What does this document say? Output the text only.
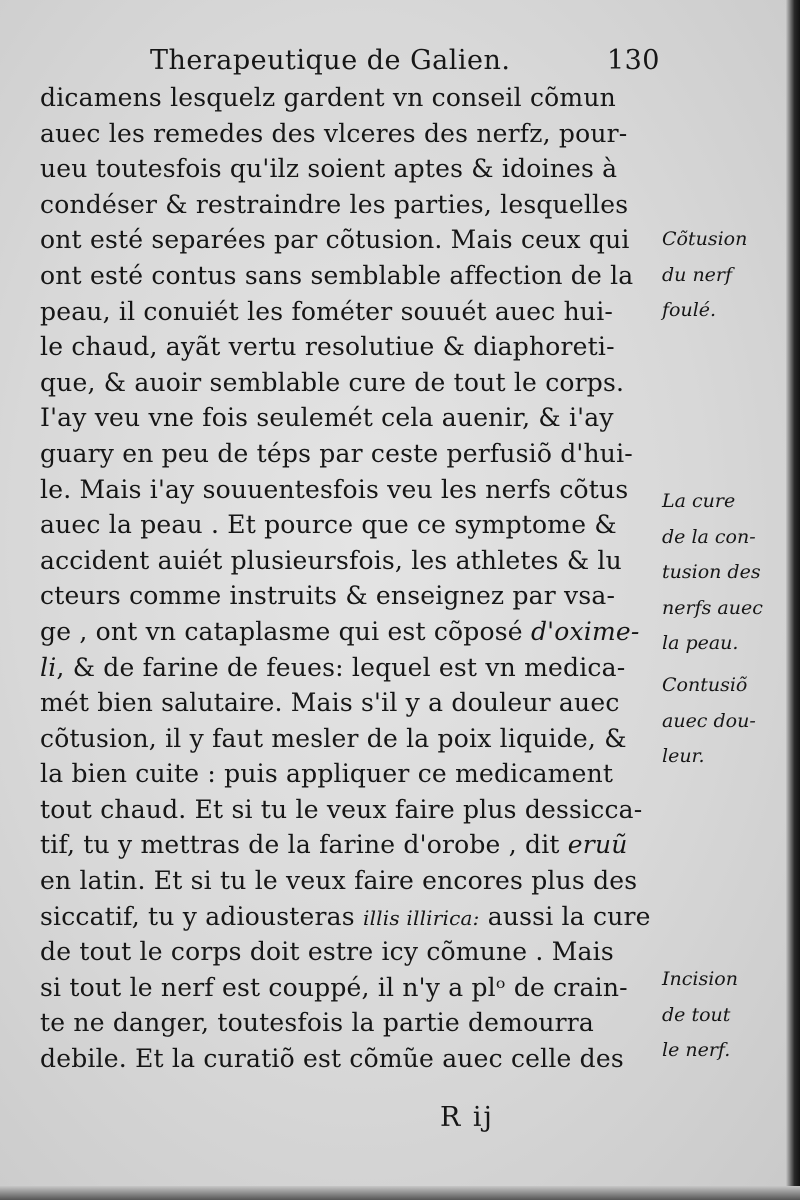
Therapeutique de Galien.	130
dicamens lesquelz gardent vn conseil cõmun
auec les remedes des vlceres des nerfz, pour-
ueu toutesfois qu'ilz soient aptes & idoines à
condéser & restraindre les parties, lesquelles
ont esté separées par cõtusion. Mais ceux qui
ont esté contus sans semblable affection de la
peau, il conuiét les fométer souuét auec hui-
le chaud, ayãt vertu resolutiue & diaphoreti-
que, & auoir semblable cure de tout le corps.
I'ay veu vne fois seulemét cela auenir, & i'ay
guary en peu de téps par ceste perfusiõ d'hui-
le. Mais i'ay souuentesfois veu les nerfs cõtus
auec la peau . Et pource que ce symptome &
accident auiét plusieursfois, les athletes & lu
cteurs comme instruits & enseignez par vsa-
ge , ont vn cataplasme qui est cõposé d'oxime-
li, & de farine de feues: lequel est vn medica-
mét bien salutaire. Mais s'il y a douleur auec
cõtusion, il y faut mesler de la poix liquide, &
la bien cuite : puis appliquer ce medicament
tout chaud. Et si tu le veux faire plus dessicca-
tif, tu y mettras de la farine d'orobe , dit eruũ
en latin. Et si tu le veux faire encores plus des
siccatif, tu y adiousteras illis illirica: aussi la cure
de tout le corps doit estre icy cõmune . Mais
si tout le nerf est couppé, il n'y a plᵒ de crain-
te ne danger, toutesfois la partie demourra
debile. Et la curatiõ est cõmũe auec celle des
Cõtusion
du nerf
foulé.
La cure
de la con-
tusion des
nerfs auec
la peau.
Contusiõ
auec dou-
leur.
Incision
de tout
le nerf.
R ij
